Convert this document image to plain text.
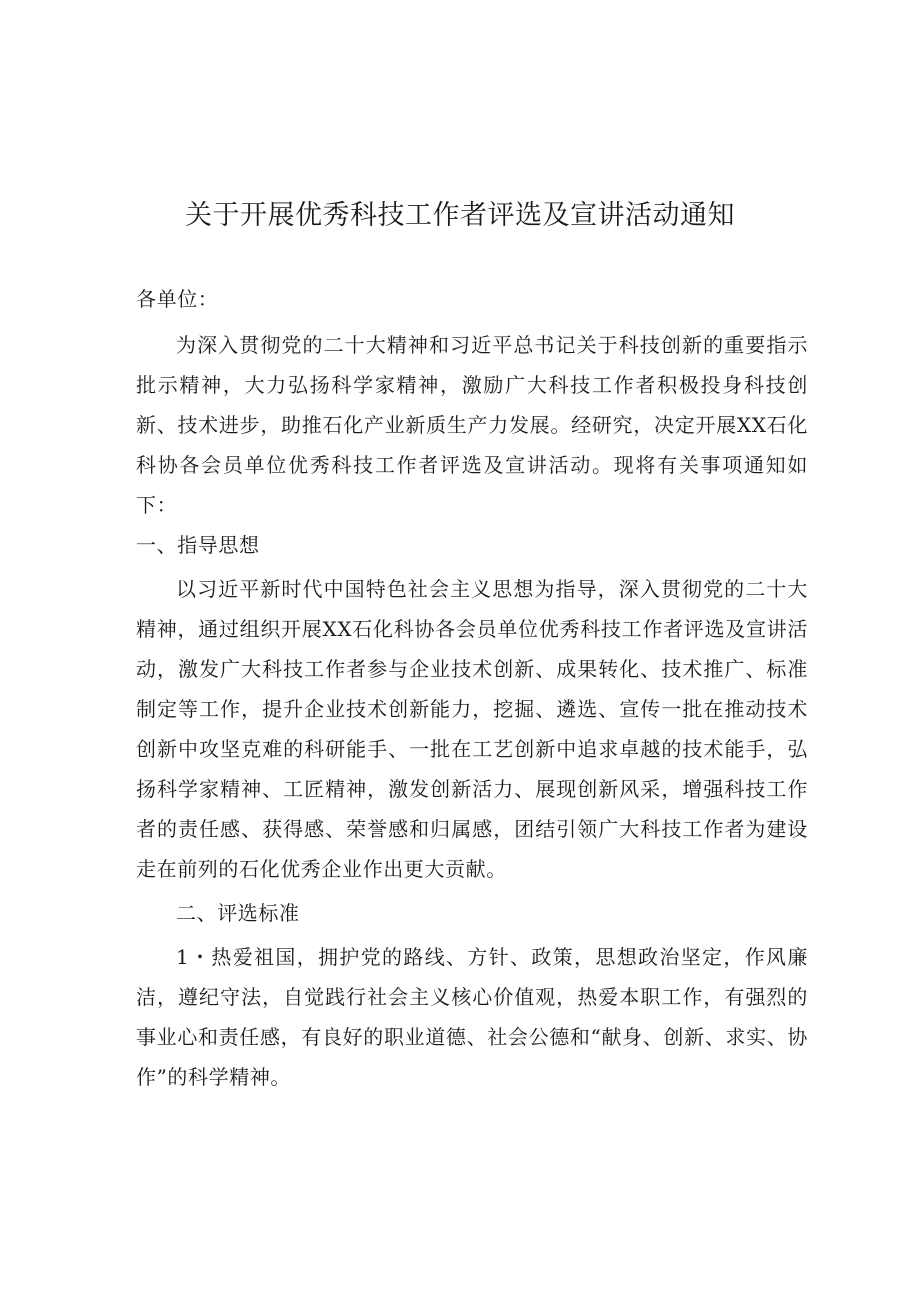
关于开展优秀科技工作者评选及宣讲活动通知

各单位：

为深入贯彻党的二十大精神和习近平总书记关于科技创新的重要指示批示精神，大力弘扬科学家精神，激励广大科技工作者积极投身科技创新、技术进步，助推石化产业新质生产力发展。经研究，决定开展XX石化科协各会员单位优秀科技工作者评选及宣讲活动。现将有关事项通知如下：

一、指导思想

以习近平新时代中国特色社会主义思想为指导，深入贯彻党的二十大精神，通过组织开展XX石化科协各会员单位优秀科技工作者评选及宣讲活动，激发广大科技工作者参与企业技术创新、成果转化、技术推广、标准制定等工作，提升企业技术创新能力，挖掘、遴选、宣传一批在推动技术创新中攻坚克难的科研能手、一批在工艺创新中追求卓越的技术能手，弘扬科学家精神、工匠精神，激发创新活力、展现创新风采，增强科技工作者的责任感、获得感、荣誉感和归属感，团结引领广大科技工作者为建设走在前列的石化优秀企业作出更大贡献。

二、评选标准

1・热爱祖国，拥护党的路线、方针、政策，思想政治坚定，作风廉洁，遵纪守法，自觉践行社会主义核心价值观，热爱本职工作，有强烈的事业心和责任感，有良好的职业道德、社会公德和“献身、创新、求实、协作”的科学精神。
